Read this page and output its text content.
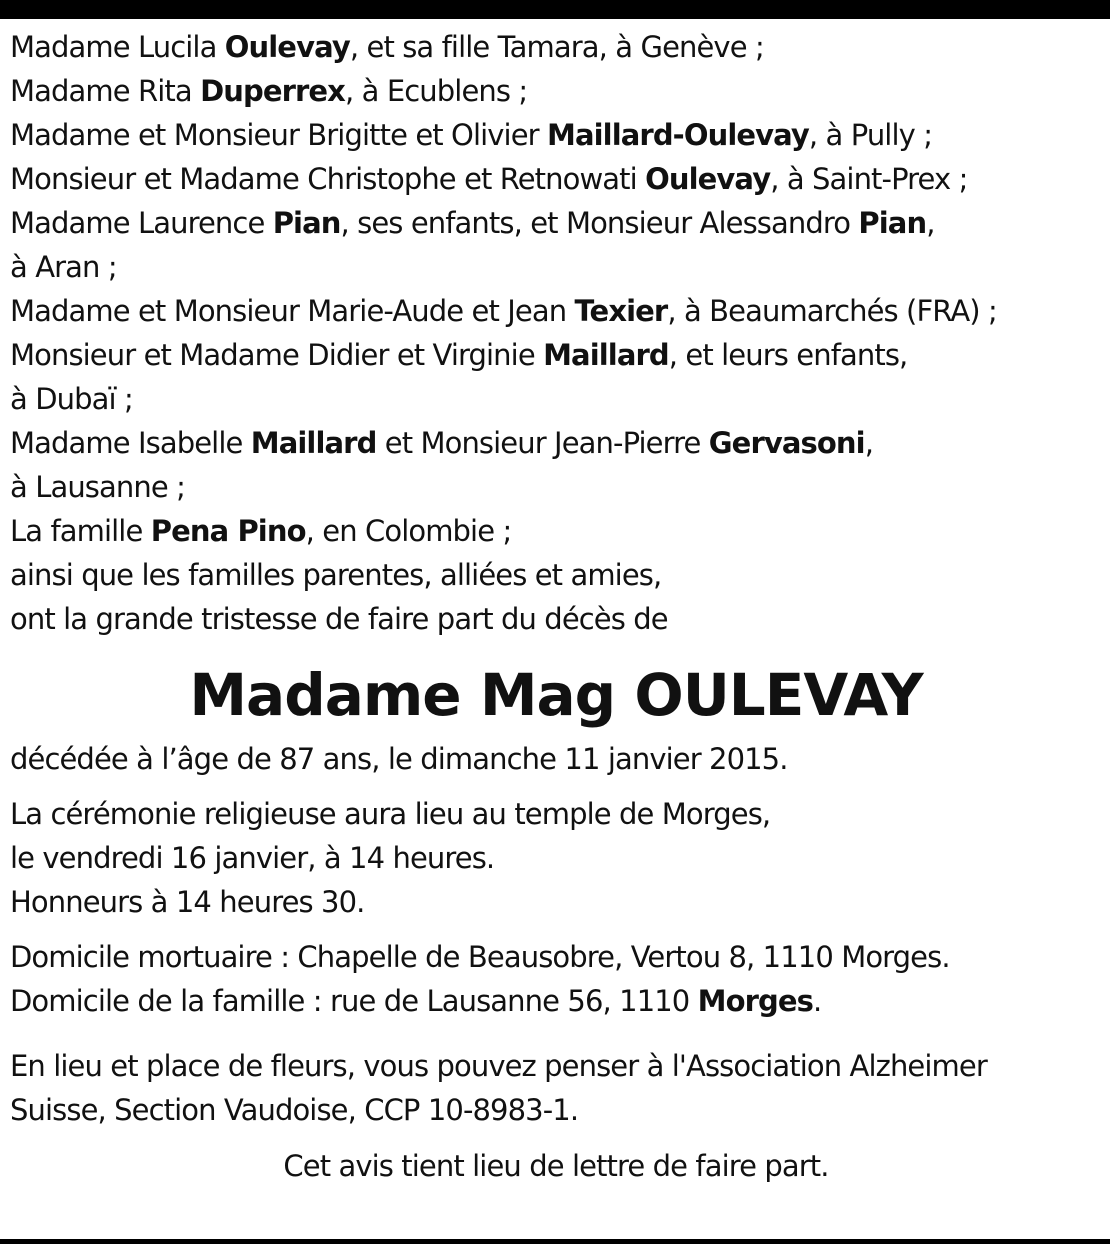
Madame Lucila Oulevay, et sa fille Tamara, à Genève ;
Madame Rita Duperrex, à Ecublens ;
Madame et Monsieur Brigitte et Olivier Maillard-Oulevay, à Pully ;
Monsieur et Madame Christophe et Retnowati Oulevay, à Saint-Prex ;
Madame Laurence Pian, ses enfants, et Monsieur Alessandro Pian,
à Aran ;
Madame et Monsieur Marie-Aude et Jean Texier, à Beaumarchés (FRA) ;
Monsieur et Madame Didier et Virginie Maillard, et leurs enfants,
à Dubaï ;
Madame Isabelle Maillard et Monsieur Jean-Pierre Gervasoni,
à Lausanne ;
La famille Pena Pino, en Colombie ;
ainsi que les familles parentes, alliées et amies,
ont la grande tristesse de faire part du décès de
Madame Mag OULEVAY
décédée à l’âge de 87 ans, le dimanche 11 janvier 2015.
La cérémonie religieuse aura lieu au temple de Morges,
le vendredi 16 janvier, à 14 heures.
Honneurs à 14 heures 30.
Domicile mortuaire : Chapelle de Beausobre, Vertou 8, 1110 Morges.
Domicile de la famille : rue de Lausanne 56, 1110 Morges.
En lieu et place de fleurs, vous pouvez penser à l'Association Alzheimer
Suisse, Section Vaudoise, CCP 10-8983-1.
Cet avis tient lieu de lettre de faire part.
